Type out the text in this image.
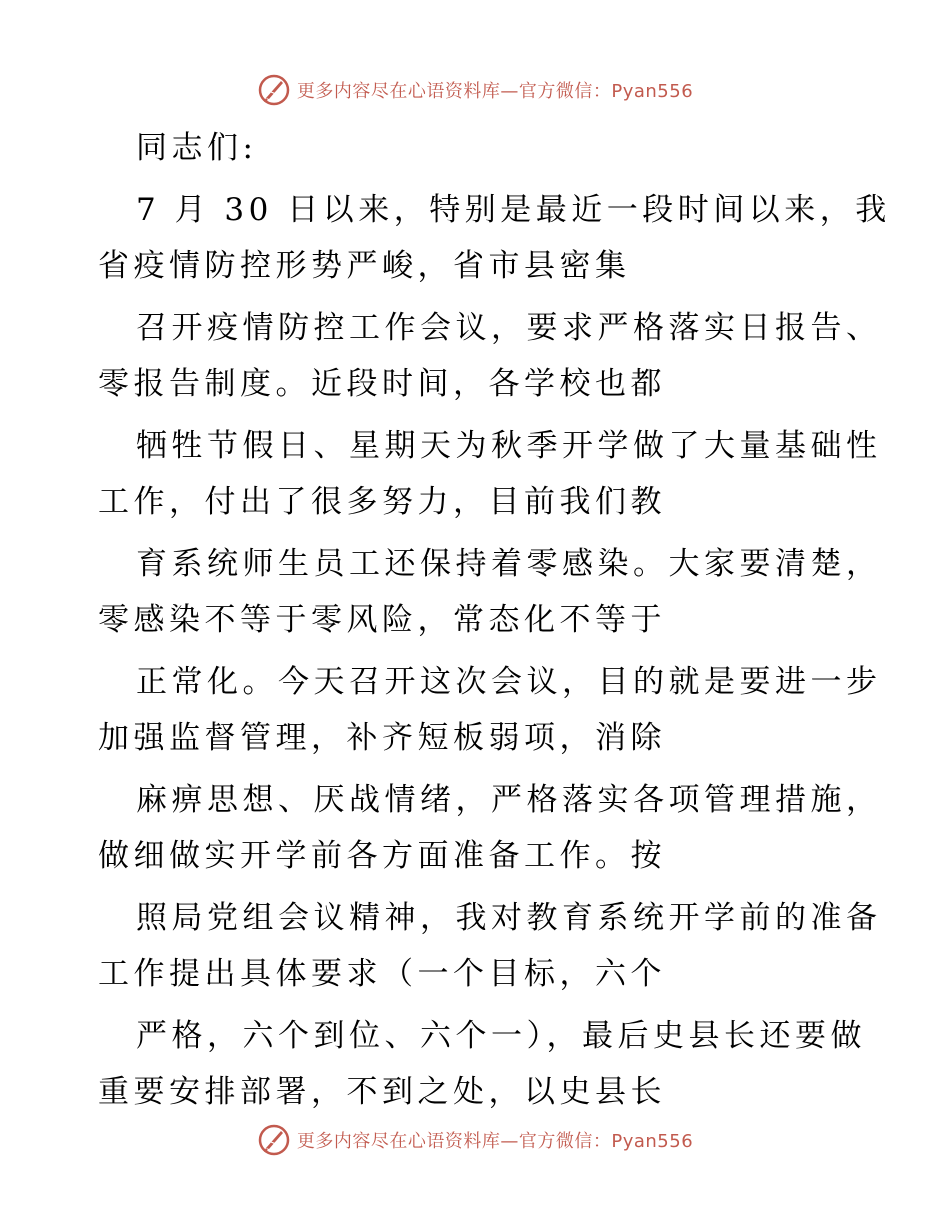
更多内容尽在心语资料库—官方微信：Pyan556
同志们:
7 月 30 日以来，特别是最近一段时间以来，我
省疫情防控形势严峻，省市县密集
召开疫情防控工作会议，要求严格落实日报告、
零报告制度。近段时间，各学校也都
牺牲节假日、星期天为秋季开学做了大量基础性
工作，付出了很多努力，目前我们教
育系统师生员工还保持着零感染。大家要清楚，
零感染不等于零风险，常态化不等于
正常化。今天召开这次会议，目的就是要进一步
加强监督管理，补齐短板弱项，消除
麻痹思想、厌战情绪，严格落实各项管理措施，
做细做实开学前各方面准备工作。按
照局党组会议精神，我对教育系统开学前的准备
工作提出具体要求（一个目标，六个
严格，六个到位、六个一），最后史县长还要做
重要安排部署，不到之处，以史县长
更多内容尽在心语资料库—官方微信：Pyan556
